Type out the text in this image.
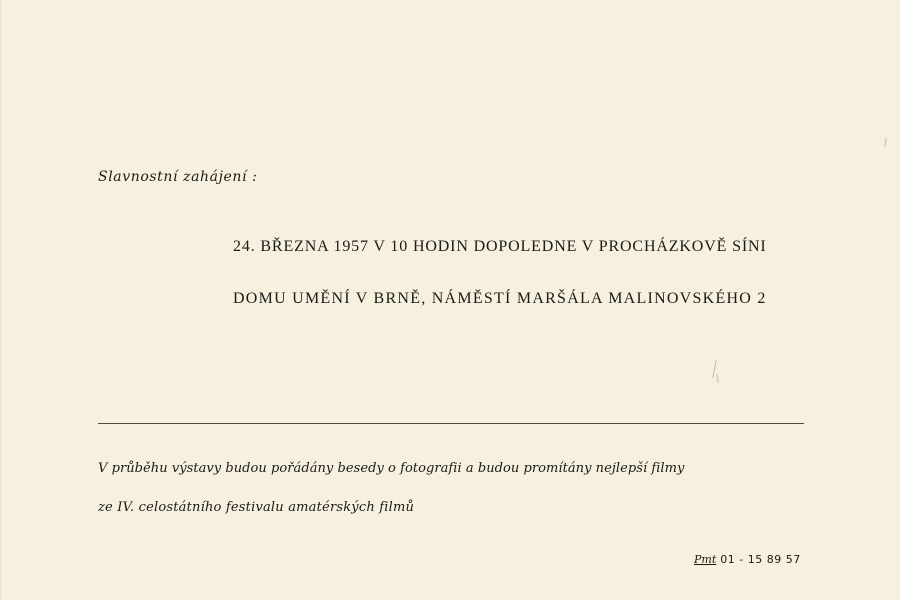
Slavnostní zahájení :
24. BŘEZNA 1957 V 10 HODIN DOPOLEDNE V PROCHÁZKOVĚ SÍNI
DOMU UMĚNÍ V BRNĚ, NÁMĚSTÍ MARŠÁLA MALINOVSKÉHO 2
V průběhu výstavy budou pořádány besedy o fotografii a budou promítány nejlepší filmy
ze IV. celostátního festivalu amatérských filmů
Pmt 01 - 15 89 57
